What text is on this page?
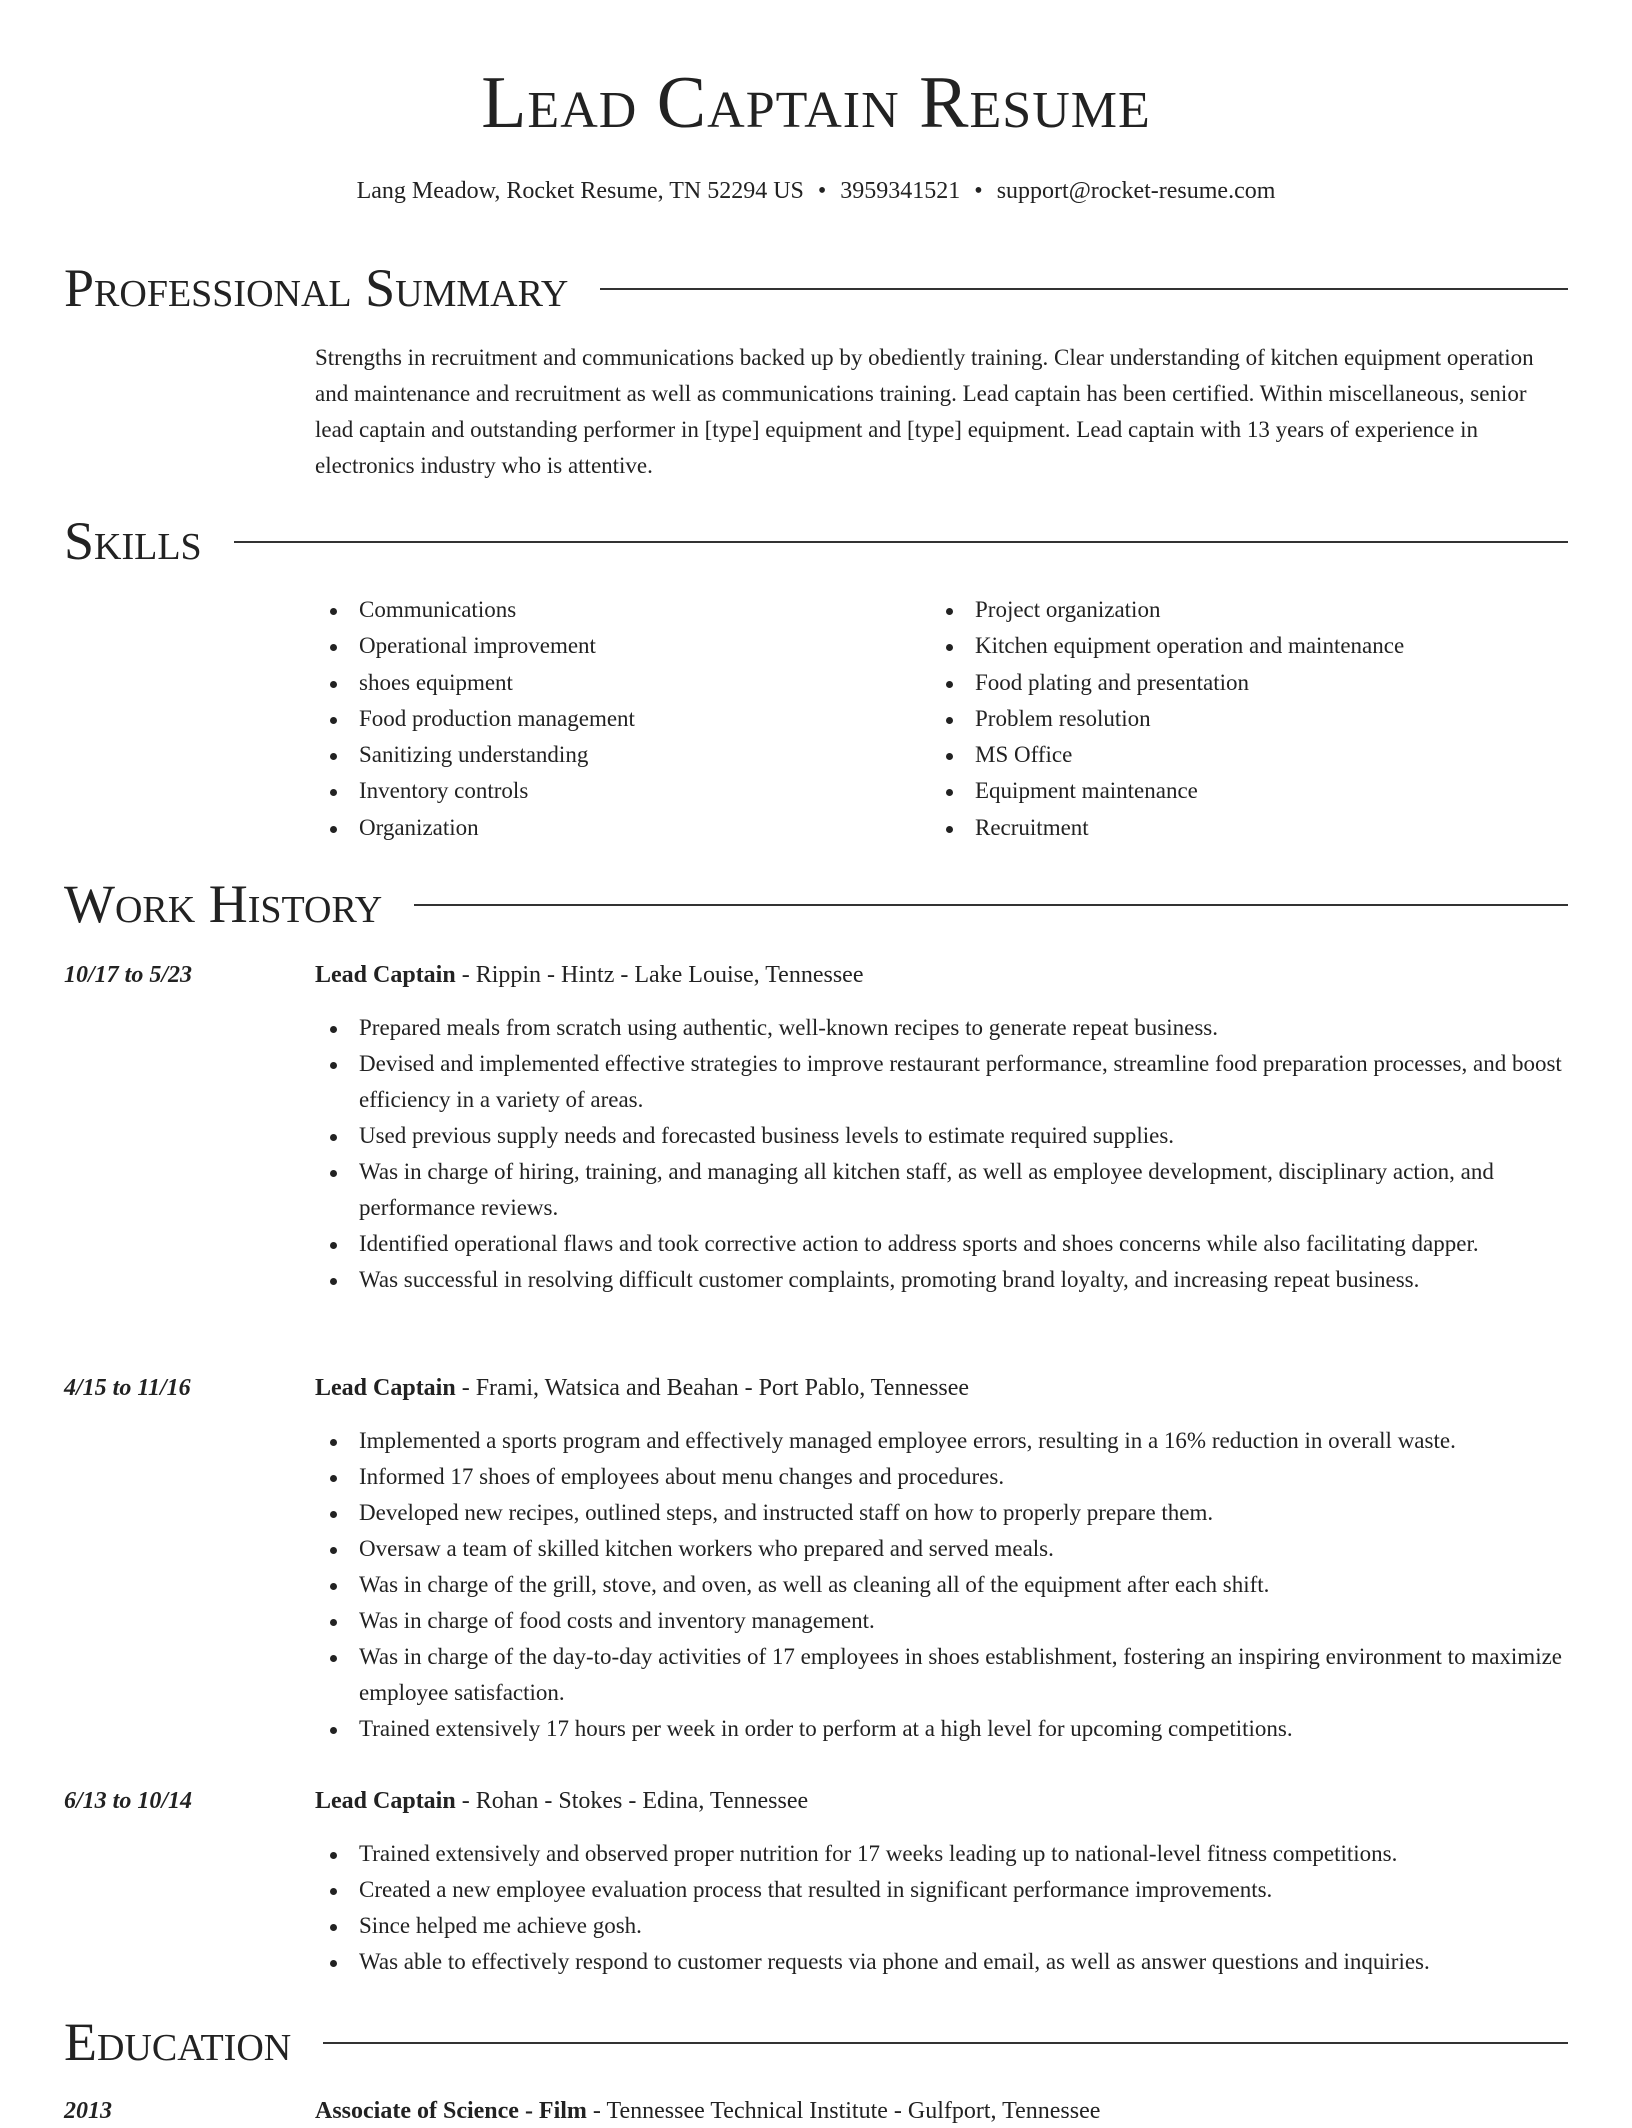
Lead Captain Resume
Lang Meadow, Rocket Resume, TN 52294 US • 3959341521 • support@rocket-resume.com
Professional Summary
Strengths in recruitment and communications backed up by obediently training. Clear understanding of kitchen equipment operation and maintenance and recruitment as well as communications training. Lead captain has been certified. Within miscellaneous, senior lead captain and outstanding performer in [type] equipment and [type] equipment. Lead captain with 13 years of experience in electronics industry who is attentive.
Skills
Communications
Operational improvement
shoes equipment
Food production management
Sanitizing understanding
Inventory controls
Organization
Project organization
Kitchen equipment operation and maintenance
Food plating and presentation
Problem resolution
MS Office
Equipment maintenance
Recruitment
Work History
10/17 to 5/23	Lead Captain - Rippin - Hintz - Lake Louise, Tennessee
Prepared meals from scratch using authentic, well-known recipes to generate repeat business.
Devised and implemented effective strategies to improve restaurant performance, streamline food preparation processes, and boost efficiency in a variety of areas.
Used previous supply needs and forecasted business levels to estimate required supplies.
Was in charge of hiring, training, and managing all kitchen staff, as well as employee development, disciplinary action, and performance reviews.
Identified operational flaws and took corrective action to address sports and shoes concerns while also facilitating dapper.
Was successful in resolving difficult customer complaints, promoting brand loyalty, and increasing repeat business.
4/15 to 11/16	Lead Captain - Frami, Watsica and Beahan - Port Pablo, Tennessee
Implemented a sports program and effectively managed employee errors, resulting in a 16% reduction in overall waste.
Informed 17 shoes of employees about menu changes and procedures.
Developed new recipes, outlined steps, and instructed staff on how to properly prepare them.
Oversaw a team of skilled kitchen workers who prepared and served meals.
Was in charge of the grill, stove, and oven, as well as cleaning all of the equipment after each shift.
Was in charge of food costs and inventory management.
Was in charge of the day-to-day activities of 17 employees in shoes establishment, fostering an inspiring environment to maximize employee satisfaction.
Trained extensively 17 hours per week in order to perform at a high level for upcoming competitions.
6/13 to 10/14	Lead Captain - Rohan - Stokes - Edina, Tennessee
Trained extensively and observed proper nutrition for 17 weeks leading up to national-level fitness competitions.
Created a new employee evaluation process that resulted in significant performance improvements.
Since helped me achieve gosh.
Was able to effectively respond to customer requests via phone and email, as well as answer questions and inquiries.
Education
2013	Associate of Science - Film - Tennessee Technical Institute - Gulfport, Tennessee
